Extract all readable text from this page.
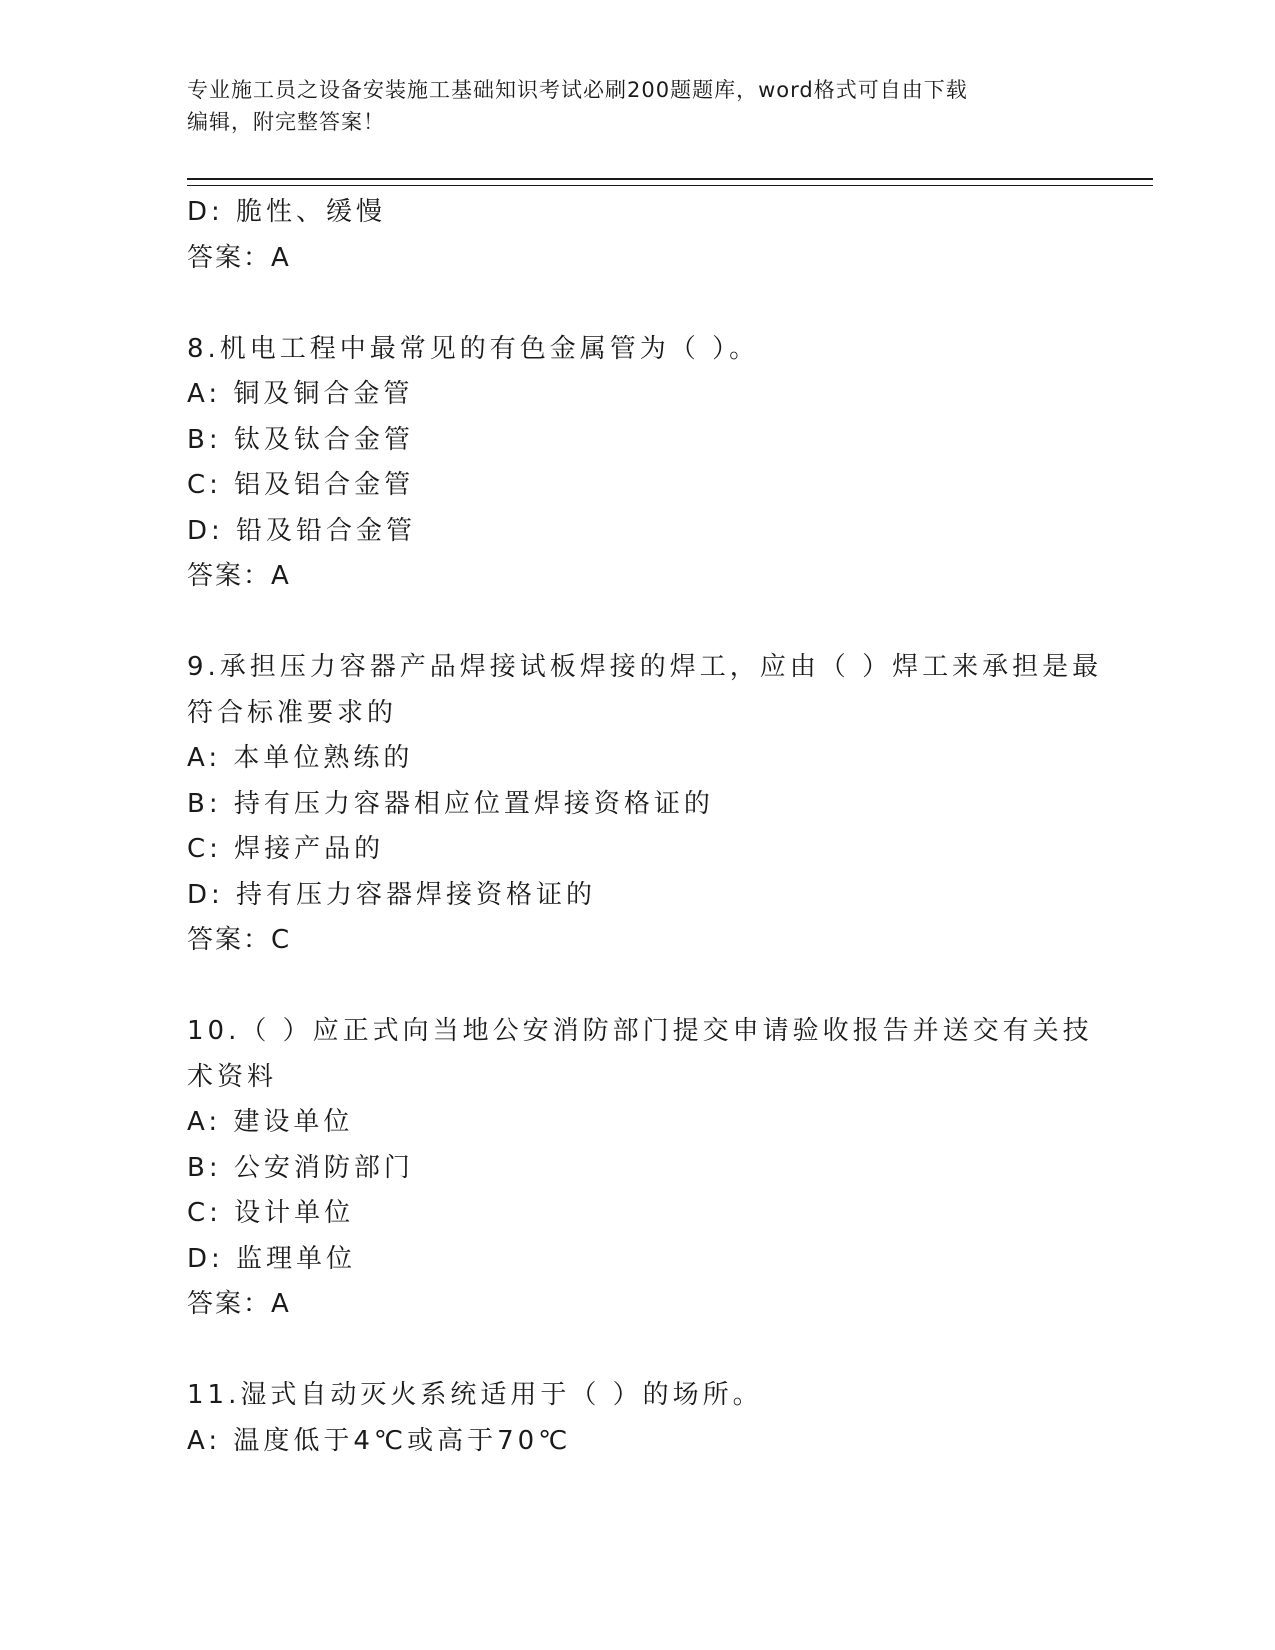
专业施工员之设备安装施工基础知识考试必刷200题题库，word格式可自由下载
编辑，附完整答案！
D: 脆性、缓慢
答案：A
8.机电工程中最常见的有色金属管为（ ）。
A: 铜及铜合金管
B: 钛及钛合金管
C: 铝及铝合金管
D: 铅及铅合金管
答案：A
9.承担压力容器产品焊接试板焊接的焊工，应由（ ）焊工来承担是最
符合标准要求的
A: 本单位熟练的
B: 持有压力容器相应位置焊接资格证的
C: 焊接产品的
D: 持有压力容器焊接资格证的
答案：C
10.（ ）应正式向当地公安消防部门提交申请验收报告并送交有关技
术资料
A: 建设单位
B: 公安消防部门
C: 设计单位
D: 监理单位
答案：A
11.湿式自动灭火系统适用于（ ）的场所。
A: 温度低于4℃或高于70℃
